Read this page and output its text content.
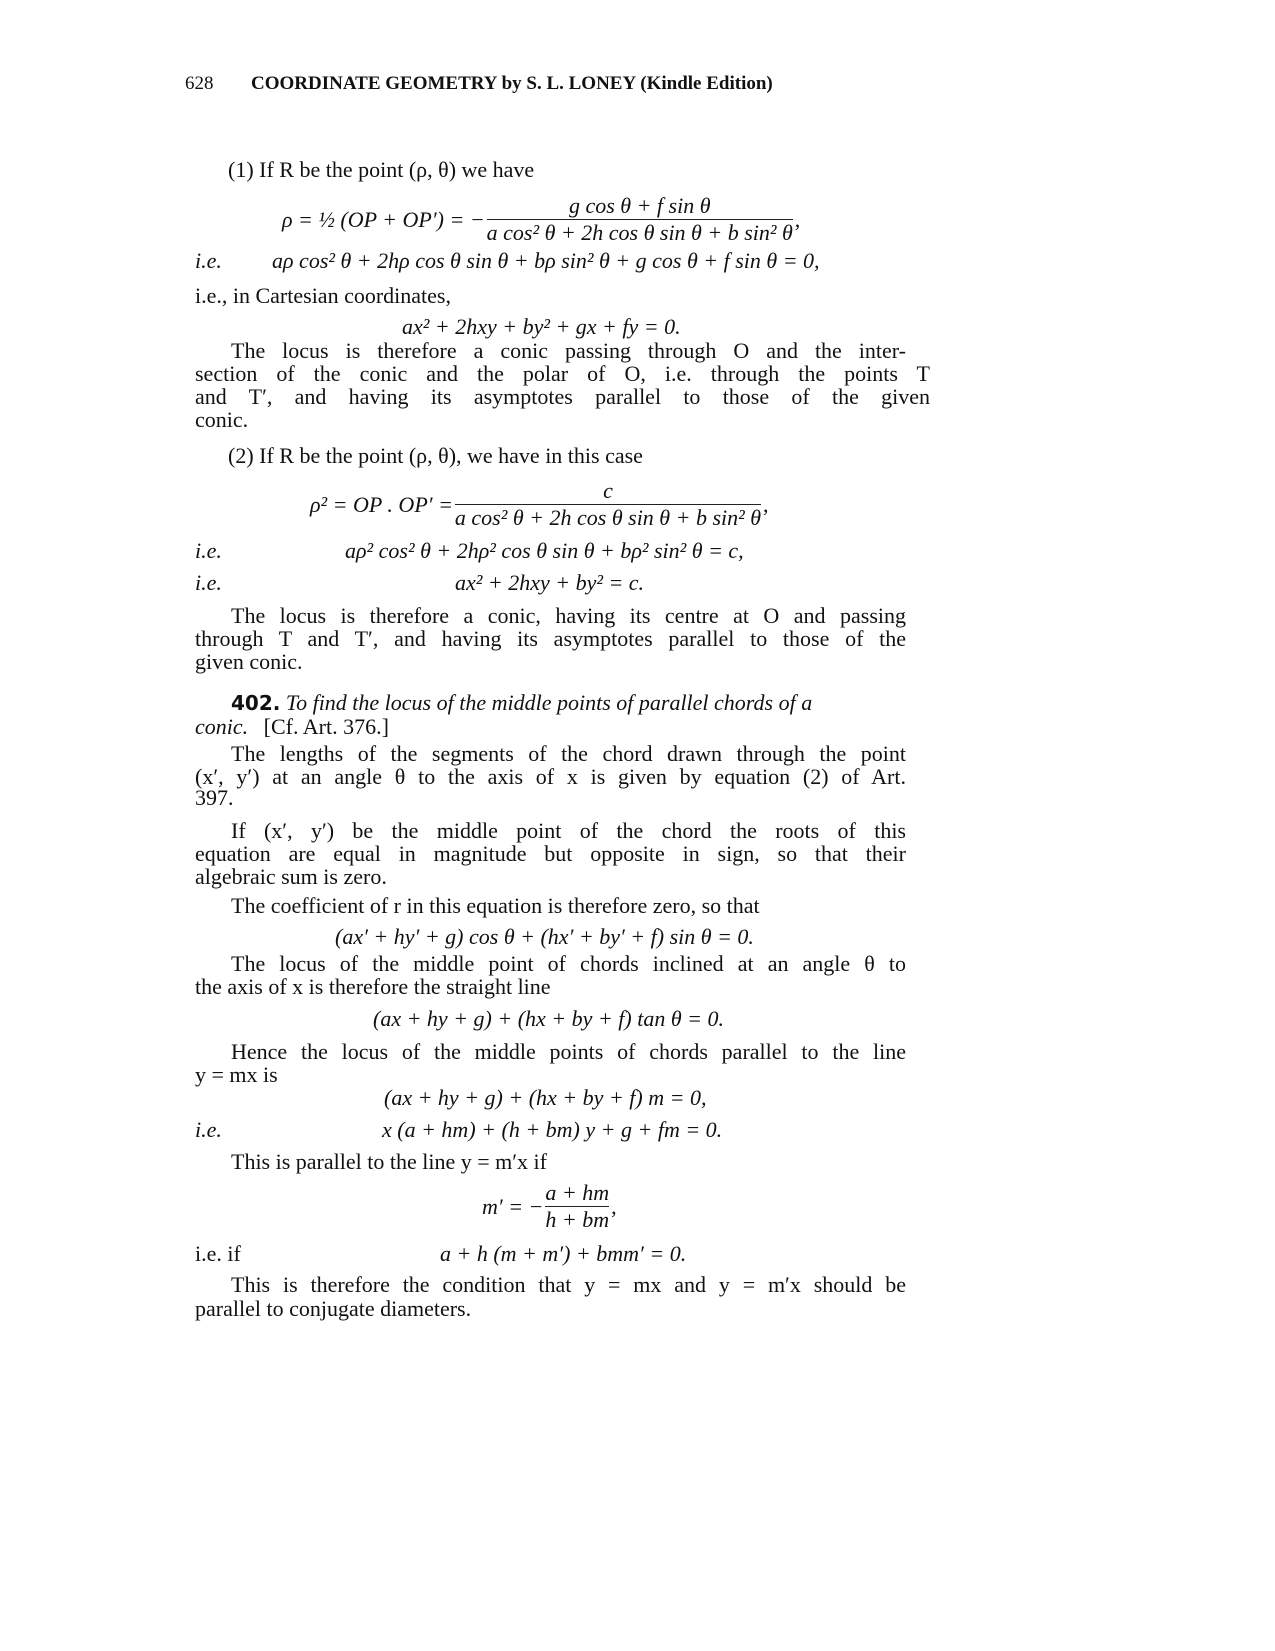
628 COORDINATE GEOMETRY by S. L. LONEY (Kindle Edition)
(1) If R be the point (ρ, θ) we have
ρ = ½ (OP + OP′) = − $\frac{\text{g cos θ + f sin θ}}{\text{a cos² θ + 2h cos θ sin θ + b sin² θ}}$ ,
i.e. aρ cos² θ + 2hρ cos θ sin θ + bρ sin² θ + g cos θ + f sin θ = 0,
i.e., in Cartesian coordinates,
ax² + 2hxy + by² + gx + fy = 0.
The locus is therefore a conic passing through O and the inter-
section of the conic and the polar of O, i.e. through the points T
and T′, and having its asymptotes parallel to those of the given
conic.
(2) If R be the point (ρ, θ), we have in this case
ρ² = OP . $OP' = \frac{c}{\text{a cos² θ + 2h cos θ sin θ + b sin² θ}}$ ,
i.e.	aρ² cos² θ + 2hρ² cos θ sin θ + bρ² sin² θ = c,
i.e.	ax² + 2hxy + by² = c.
The locus is therefore a conic, having its centre at O and passing
through T and T′, and having its asymptotes parallel to those of the
given conic.
402. To find the locus of the middle points of parallel chords of a
conic. [Cf. Art. 376.]
The lengths of the segments of the chord drawn through the point
(x′, y′) at an angle θ to the axis of x is given by equation (2) of Art.
397.
If (x′, y′) be the middle point of the chord the roots of this
equation are equal in magnitude but opposite in sign, so that their
algebraic sum is zero.
The coefficient of r in this equation is therefore zero, so that
(ax′ + hy′ + g) cos θ + (hx′ + by′ + f) sin θ = 0.
The locus of the middle point of chords inclined at an angle θ to
the axis of x is therefore the straight line
(ax + hy + g) + (hx + by + f) tan θ = 0.
Hence the locus of the middle points of chords parallel to the line
y = mx is
(ax + hy + g) + (hx + by + f) m = 0,
i.e.	x (a + hm) + (h + bm) y + g + fm = 0.
This is parallel to the line y = m′x if
m′ = − $\frac{a + hm}{h + bm}$ ,
i.e. if	a + h (m + m′) + bmm′ = 0.
This is therefore the condition that y = mx and y = m′x should be
parallel to conjugate diameters.
